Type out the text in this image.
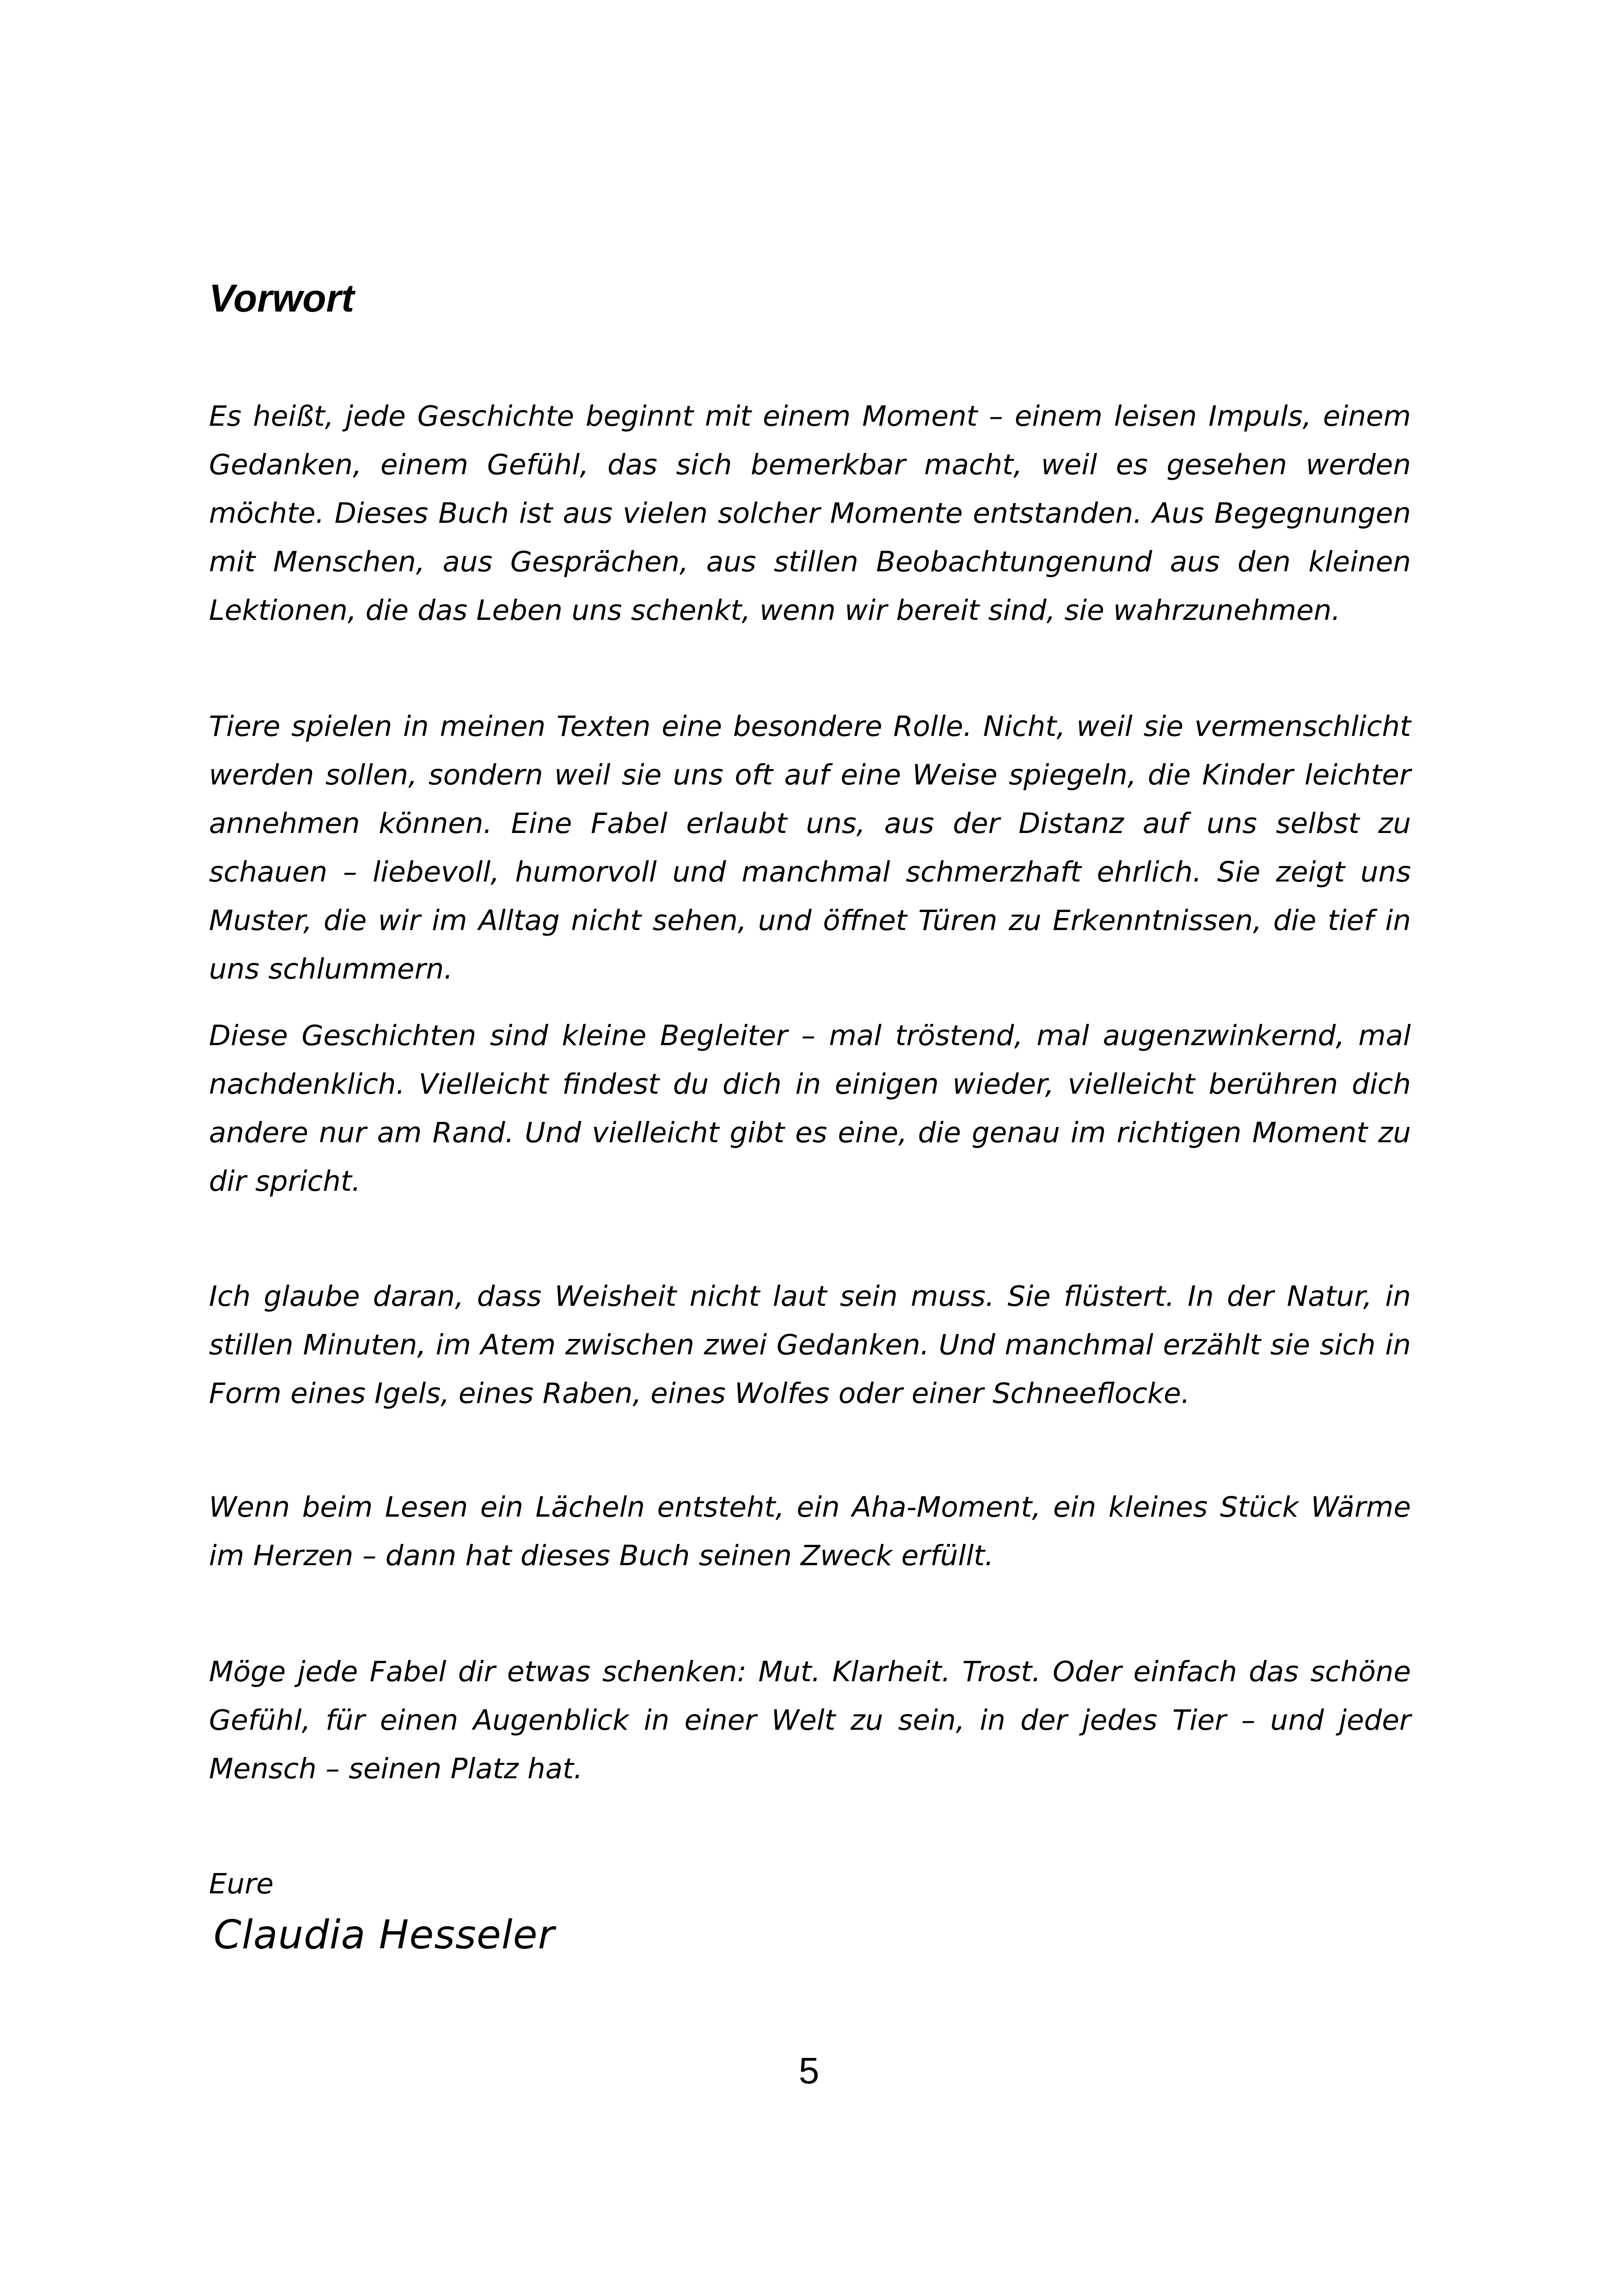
Vorwort

Es heißt, jede Geschichte beginnt mit einem Moment – einem leisen Impuls, einem Gedanken, einem Gefühl, das sich bemerkbar macht, weil es gesehen werden möchte. Dieses Buch ist aus vielen solcher Momente entstanden. Aus Begegnungen mit Menschen, aus Gesprächen, aus stillen Beobachtungenund aus den kleinen Lektionen, die das Leben uns schenkt, wenn wir bereit sind, sie wahrzunehmen.

Tiere spielen in meinen Texten eine besondere Rolle. Nicht, weil sie vermenschlicht werden sollen, sondern weil sie uns oft auf eine Weise spiegeln, die Kinder leichter annehmen können. Eine Fabel erlaubt uns, aus der Distanz auf uns selbst zu schauen – liebevoll, humorvoll und manchmal schmerzhaft ehrlich. Sie zeigt uns Muster, die wir im Alltag nicht sehen, und öffnet Türen zu Erkenntnissen, die tief in uns schlummern.

Diese Geschichten sind kleine Begleiter – mal tröstend, mal augenzwinkernd, mal nachdenklich. Vielleicht findest du dich in einigen wieder, vielleicht berühren dich andere nur am Rand. Und vielleicht gibt es eine, die genau im richtigen Moment zu dir spricht.

Ich glaube daran, dass Weisheit nicht laut sein muss. Sie flüstert. In der Natur, in stillen Minuten, im Atem zwischen zwei Gedanken. Und manchmal erzählt sie sich in Form eines Igels, eines Raben, eines Wolfes oder einer Schneeflocke.

Wenn beim Lesen ein Lächeln entsteht, ein Aha-Moment, ein kleines Stück Wärme im Herzen – dann hat dieses Buch seinen Zweck erfüllt.

Möge jede Fabel dir etwas schenken: Mut. Klarheit. Trost. Oder einfach das schöne Gefühl, für einen Augenblick in einer Welt zu sein, in der jedes Tier – und jeder Mensch – seinen Platz hat.

Eure

Claudia Hesseler

5
